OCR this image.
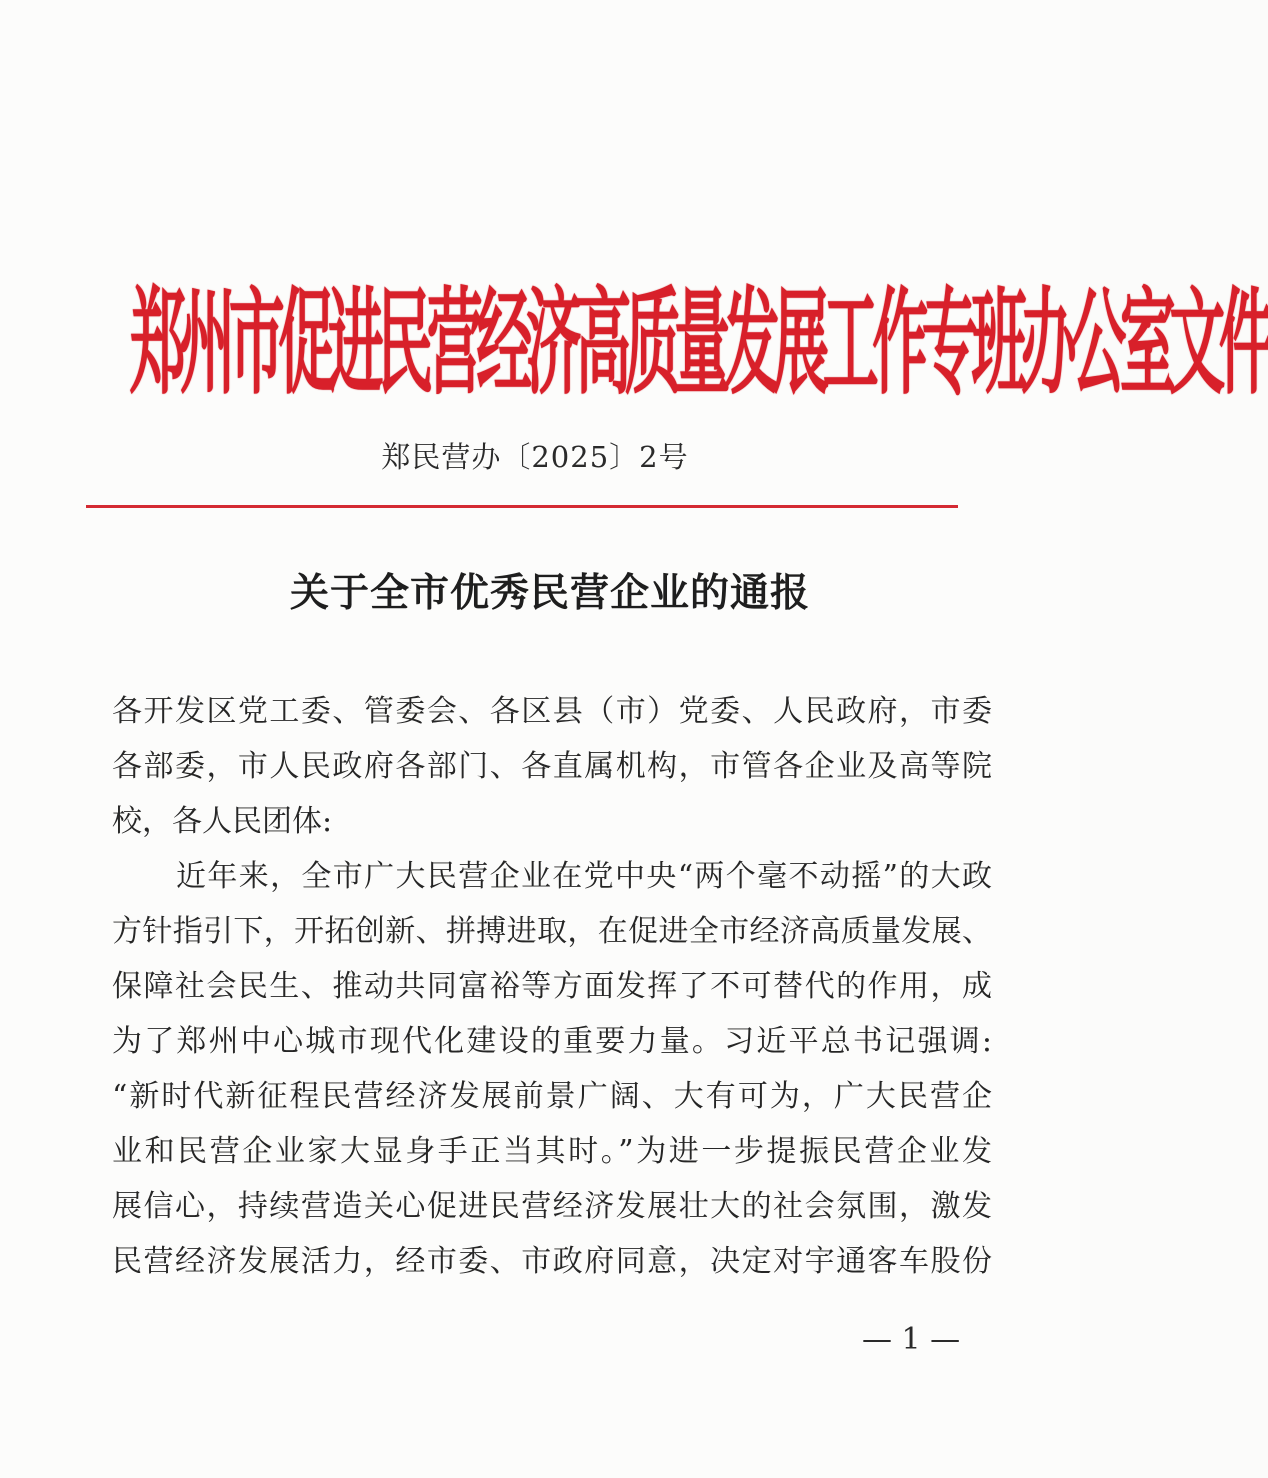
郑州市促进民营经济高质量发展工作专班办公室文件
郑民营办〔2025〕2号
关于全市优秀民营企业的通报
各开发区党工委、管委会、各区县（市）党委、人民政府，市委
各部委，市人民政府各部门、各直属机构，市管各企业及高等院
校，各人民团体:
近年来，全市广大民营企业在党中央“两个毫不动摇”的大政
方针指引下，开拓创新、拼搏进取，在促进全市经济高质量发展、
保障社会民生、推动共同富裕等方面发挥了不可替代的作用，成
为了郑州中心城市现代化建设的重要力量。习近平总书记强调:
“新时代新征程民营经济发展前景广阔、大有可为，广大民营企
业和民营企业家大显身手正当其时。”为进一步提振民营企业发
展信心，持续营造关心促进民营经济发展壮大的社会氛围，激发
民营经济发展活力，经市委、市政府同意，决定对宇通客车股份
— 1 —
